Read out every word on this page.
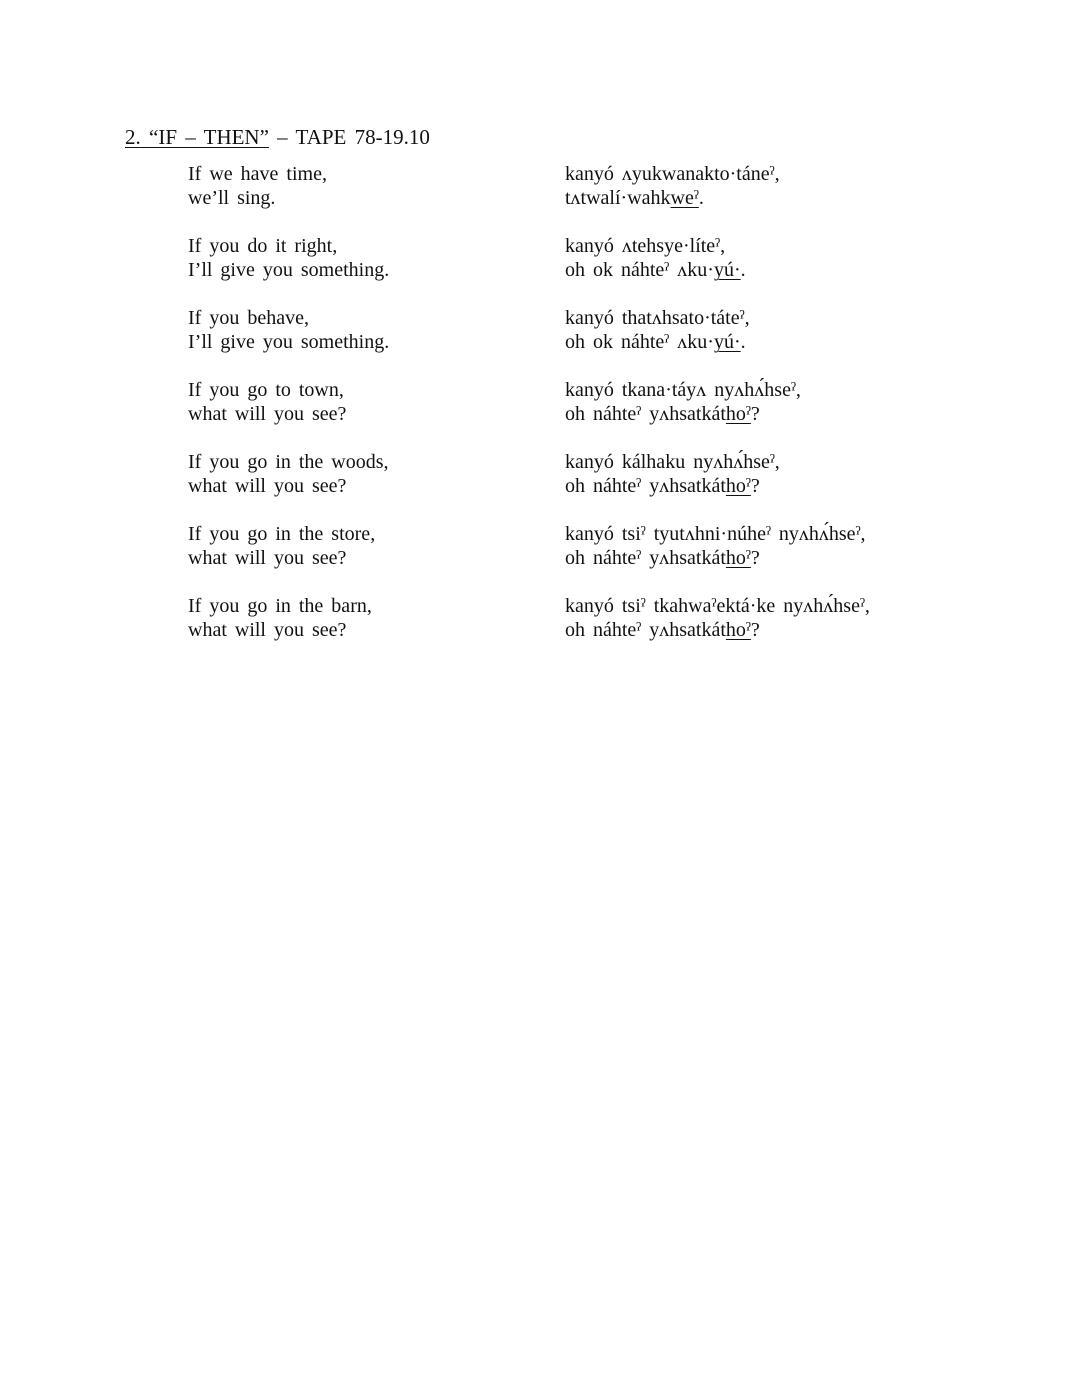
2. “IF – THEN” – TAPE 78-19.10
If we have time,
we’ll sing.
kanyó ʌyukwanakto·táneˀ,
tʌtwalí·wahkweˀ.
If you do it right,
I’ll give you something.
kanyó ʌtehsye·líteˀ,
oh ok náhteˀ ʌku·yú·.
If you behave,
I’ll give you something.
kanyó thatʌhsato·táteˀ,
oh ok náhteˀ ʌku·yú·.
If you go to town,
what will you see?
kanyó tkana·táyʌ nyʌhʌ́hseˀ,
oh náhteˀ yʌhsatkáthoˀ?
If you go in the woods,
what will you see?
kanyó kálhaku nyʌhʌ́hseˀ,
oh náhteˀ yʌhsatkáthoˀ?
If you go in the store,
what will you see?
kanyó tsiˀ tyutʌhni·núheˀ nyʌhʌ́hseˀ,
oh náhteˀ yʌhsatkáthoˀ?
If you go in the barn,
what will you see?
kanyó tsiˀ tkahwaˀektá·ke nyʌhʌ́hseˀ,
oh náhteˀ yʌhsatkáthoˀ?
